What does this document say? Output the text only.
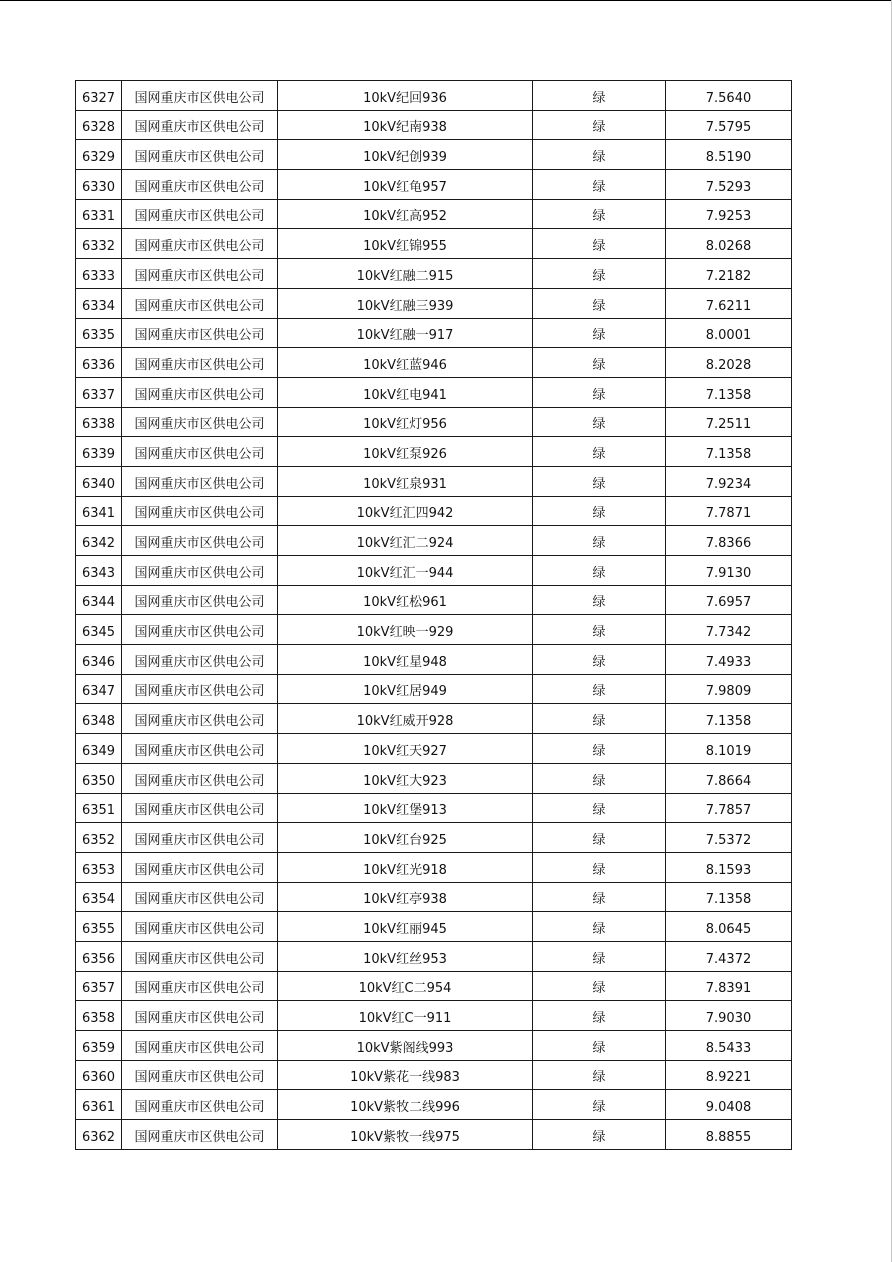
6327	国网重庆市区供电公司	10kV纪回936	绿	7.5640
6328	国网重庆市区供电公司	10kV纪南938	绿	7.5795
6329	国网重庆市区供电公司	10kV纪创939	绿	8.5190
6330	国网重庆市区供电公司	10kV红龟957	绿	7.5293
6331	国网重庆市区供电公司	10kV红高952	绿	7.9253
6332	国网重庆市区供电公司	10kV红锦955	绿	8.0268
6333	国网重庆市区供电公司	10kV红融二915	绿	7.2182
6334	国网重庆市区供电公司	10kV红融三939	绿	7.6211
6335	国网重庆市区供电公司	10kV红融一917	绿	8.0001
6336	国网重庆市区供电公司	10kV红蓝946	绿	8.2028
6337	国网重庆市区供电公司	10kV红电941	绿	7.1358
6338	国网重庆市区供电公司	10kV红灯956	绿	7.2511
6339	国网重庆市区供电公司	10kV红泵926	绿	7.1358
6340	国网重庆市区供电公司	10kV红泉931	绿	7.9234
6341	国网重庆市区供电公司	10kV红汇四942	绿	7.7871
6342	国网重庆市区供电公司	10kV红汇二924	绿	7.8366
6343	国网重庆市区供电公司	10kV红汇一944	绿	7.9130
6344	国网重庆市区供电公司	10kV红松961	绿	7.6957
6345	国网重庆市区供电公司	10kV红映一929	绿	7.7342
6346	国网重庆市区供电公司	10kV红星948	绿	7.4933
6347	国网重庆市区供电公司	10kV红居949	绿	7.9809
6348	国网重庆市区供电公司	10kV红威开928	绿	7.1358
6349	国网重庆市区供电公司	10kV红天927	绿	8.1019
6350	国网重庆市区供电公司	10kV红大923	绿	7.8664
6351	国网重庆市区供电公司	10kV红堡913	绿	7.7857
6352	国网重庆市区供电公司	10kV红台925	绿	7.5372
6353	国网重庆市区供电公司	10kV红光918	绿	8.1593
6354	国网重庆市区供电公司	10kV红亭938	绿	7.1358
6355	国网重庆市区供电公司	10kV红丽945	绿	8.0645
6356	国网重庆市区供电公司	10kV红丝953	绿	7.4372
6357	国网重庆市区供电公司	10kV红C二954	绿	7.8391
6358	国网重庆市区供电公司	10kV红C一911	绿	7.9030
6359	国网重庆市区供电公司	10kV紫阁线993	绿	8.5433
6360	国网重庆市区供电公司	10kV紫花一线983	绿	8.9221
6361	国网重庆市区供电公司	10kV紫牧二线996	绿	9.0408
6362	国网重庆市区供电公司	10kV紫牧一线975	绿	8.8855
